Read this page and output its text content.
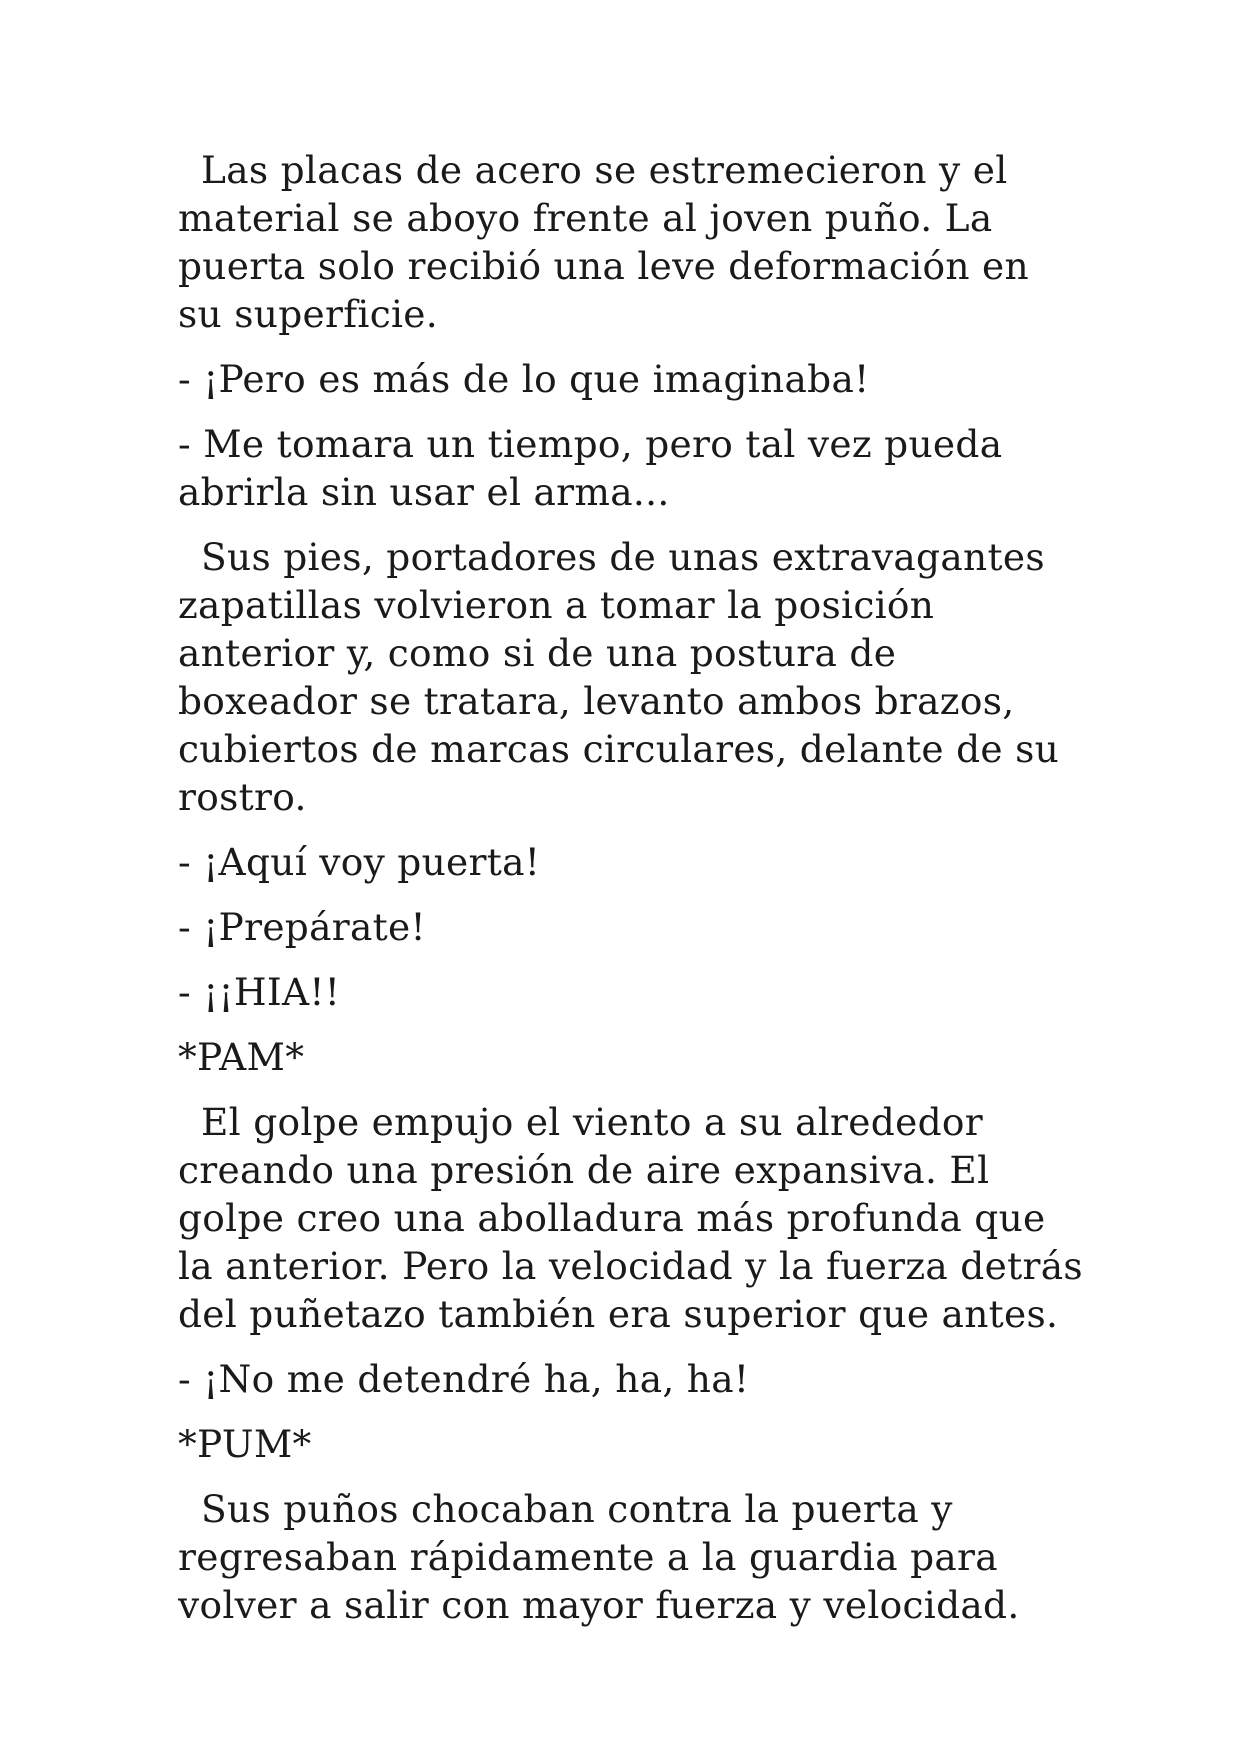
Las placas de acero se estremecieron y el material se aboyo frente al joven puño. La puerta solo recibió una leve deformación en su superficie.

- ¡Pero es más de lo que imaginaba!

- Me tomara un tiempo, pero tal vez pueda abrirla sin usar el arma...

Sus pies, portadores de unas extravagantes zapatillas volvieron a tomar la posición anterior y, como si de una postura de boxeador se tratara, levanto ambos brazos, cubiertos de marcas circulares, delante de su rostro.

- ¡Aquí voy puerta!

- ¡Prepárate!

- ¡¡HIA!!

*PAM*

El golpe empujo el viento a su alrededor creando una presión de aire expansiva. El golpe creo una abolladura más profunda que la anterior. Pero la velocidad y la fuerza detrás del puñetazo también era superior que antes.

- ¡No me detendré ha, ha, ha!

*PUM*

Sus puños chocaban contra la puerta y regresaban rápidamente a la guardia para volver a salir con mayor fuerza y velocidad.
